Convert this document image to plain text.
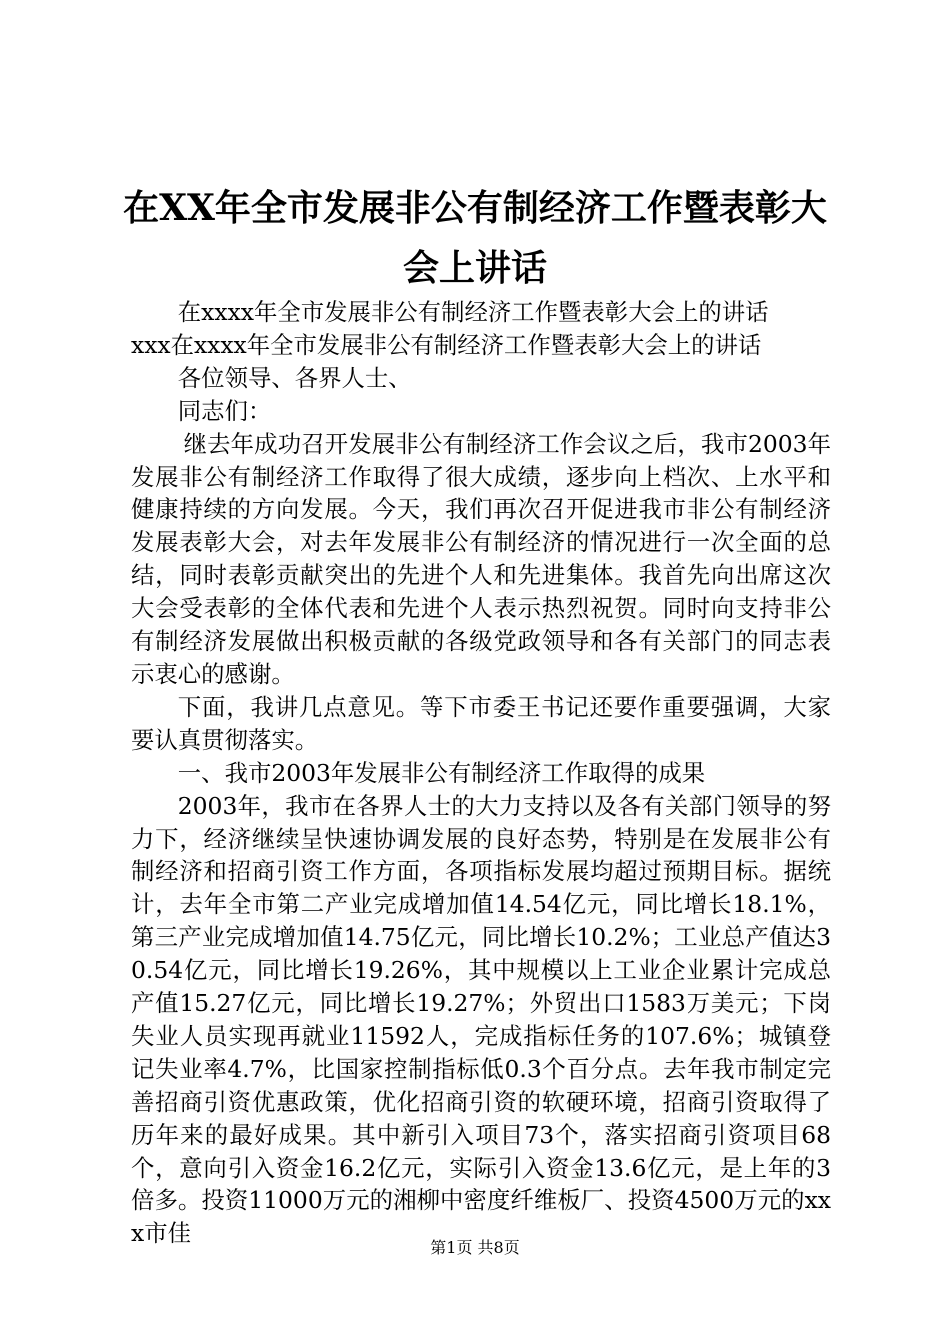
在XX年全市发展非公有制经济工作暨表彰大
会上讲话

在xxxx年全市发展非公有制经济工作暨表彰大会上的讲话

xxx在xxxx年全市发展非公有制经济工作暨表彰大会上的讲话

各位领导、各界人士、

同志们：

继去年成功召开发展非公有制经济工作会议之后，我市2003年发展非公有制经济工作取得了很大成绩，逐步向上档次、上水平和健康持续的方向发展。今天，我们再次召开促进我市非公有制经济发展表彰大会，对去年发展非公有制经济的情况进行一次全面的总结，同时表彰贡献突出的先进个人和先进集体。我首先向出席这次大会受表彰的全体代表和先进个人表示热烈祝贺。同时向支持非公有制经济发展做出积极贡献的各级党政领导和各有关部门的同志表示衷心的感谢。

下面，我讲几点意见。等下市委王书记还要作重要强调，大家要认真贯彻落实。

一、我市2003年发展非公有制经济工作取得的成果

2003年，我市在各界人士的大力支持以及各有关部门领导的努力下，经济继续呈快速协调发展的良好态势，特别是在发展非公有制经济和招商引资工作方面，各项指标发展均超过预期目标。据统计，去年全市第二产业完成增加值14.54亿元，同比增长18.1%，第三产业完成增加值14.75亿元，同比增长10.2%；工业总产值达30.54亿元，同比增长19.26%，其中规模以上工业企业累计完成总产值15.27亿元，同比增长19.27%；外贸出口1583万美元；下岗失业人员实现再就业11592人，完成指标任务的107.6%；城镇登记失业率4.7%，比国家控制指标低0.3个百分点。去年我市制定完善招商引资优惠政策，优化招商引资的软硬环境，招商引资取得了历年来的最好成果。其中新引入项目73个，落实招商引资项目68个，意向引入资金16.2亿元，实际引入资金13.6亿元，是上年的3倍多。投资11000万元的湘柳中密度纤维板厂、投资4500万元的xxx市佳

第1页 共8页
